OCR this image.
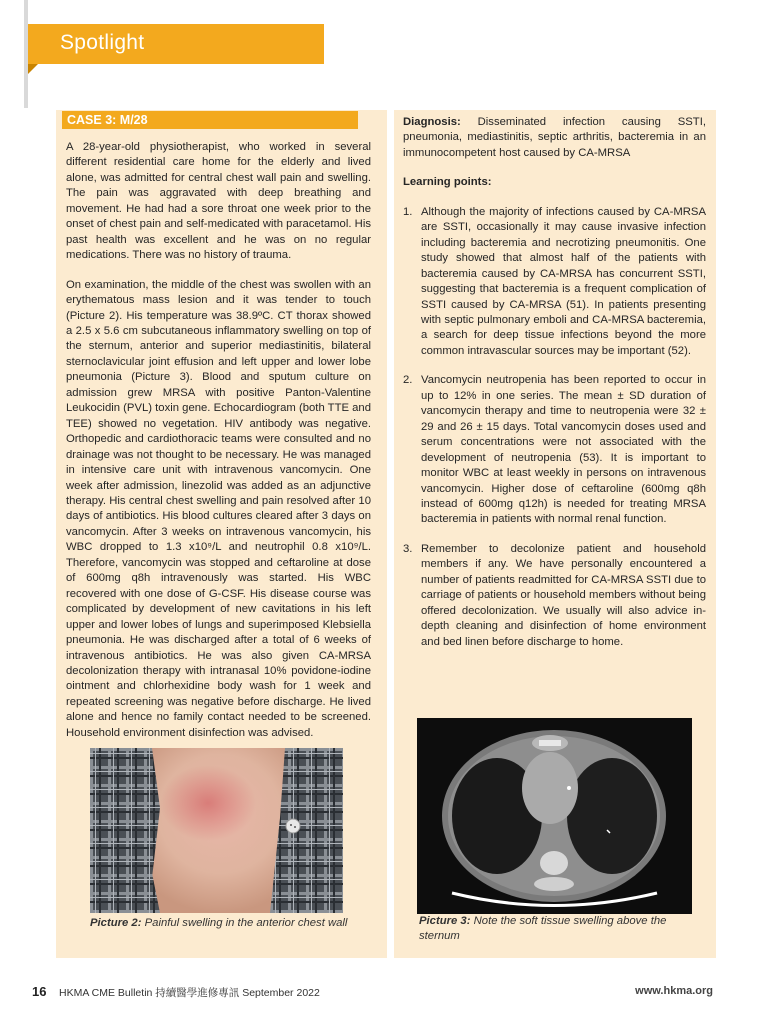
Spotlight
CASE 3: M/28

A 28-year-old physiotherapist, who worked in several different residential care home for the elderly and lived alone, was admitted for central chest wall pain and swelling. The pain was aggravated with deep breathing and movement. He had had a sore throat one week prior to the onset of chest pain and self-medicated with paracetamol. His past health was excellent and he was on no regular medications. There was no history of trauma.

On examination, the middle of the chest was swollen with an erythematous mass lesion and it was tender to touch (Picture 2). His temperature was 38.9ºC. CT thorax showed a 2.5 x 5.6 cm subcutaneous inflammatory swelling on top of the sternum, anterior and superior mediastinitis, bilateral sternoclavicular joint effusion and left upper and lower lobe pneumonia (Picture 3). Blood and sputum culture on admission grew MRSA with positive Panton-Valentine Leukocidin (PVL) toxin gene. Echocardiogram (both TTE and TEE) showed no vegetation. HIV antibody was negative. Orthopedic and cardiothoracic teams were consulted and no drainage was not thought to be necessary. He was managed in intensive care unit with intravenous vancomycin. One week after admission, linezolid was added as an adjunctive therapy. His central chest swelling and pain resolved after 10 days of antibiotics. His blood cultures cleared after 3 days on vancomycin. After 3 weeks on intravenous vancomycin, his WBC dropped to 1.3 x10⁹/L and neutrophil 0.8 x10⁹/L. Therefore, vancomycin was stopped and ceftaroline at dose of 600mg q8h intravenously was started. His WBC recovered with one dose of G-CSF. His disease course was complicated by development of new cavitations in his left upper and lower lobes of lungs and superimposed Klebsiella pneumonia. He was discharged after a total of 6 weeks of intravenous antibiotics. He was also given CA-MRSA decolonization therapy with intranasal 10% povidone-iodine ointment and chlorhexidine body wash for 1 week and repeated screening was negative before discharge. He lived alone and hence no family contact needed to be screened. Household environment disinfection was advised.

Diagnosis: Disseminated infection causing SSTI, pneumonia, mediastinitis, septic arthritis, bacteremia in an immunocompetent host caused by CA-MRSA

Learning points:

1. Although the majority of infections caused by CA-MRSA are SSTI, occasionally it may cause invasive infection including bacteremia and necrotizing pneumonitis. One study showed that almost half of the patients with bacteremia caused by CA-MRSA has concurrent SSTI, suggesting that bacteremia is a frequent complication of SSTI caused by CA-MRSA (51). In patients presenting with septic pulmonary emboli and CA-MRSA bacteremia, a search for deep tissue infections beyond the more common intravascular sources may be important (52).
2. Vancomycin neutropenia has been reported to occur in up to 12% in one series. The mean ± SD duration of vancomycin therapy and time to neutropenia were 32 ± 29 and 26 ± 15 days. Total vancomycin doses used and serum concentrations were not associated with the development of neutropenia (53). It is important to monitor WBC at least weekly in persons on intravenous vancomycin. Higher dose of ceftaroline (600mg q8h instead of 600mg q12h) is needed for treating MRSA bacteremia in patients with normal renal function.
3. Remember to decolonize patient and household members if any. We have personally encountered a number of patients readmitted for CA-MRSA SSTI due to carriage of patients or household members without being offered decolonization. We usually will also advice in-depth cleaning and disinfection of home environment and bed linen before discharge to home.
Picture 2: Painful swelling in the anterior chest wall	Picture 3: Note the soft tissue swelling above the sternum
16 HKMA CME Bulletin 持續醫學進修專訊 September 2022	www.hkma.org
